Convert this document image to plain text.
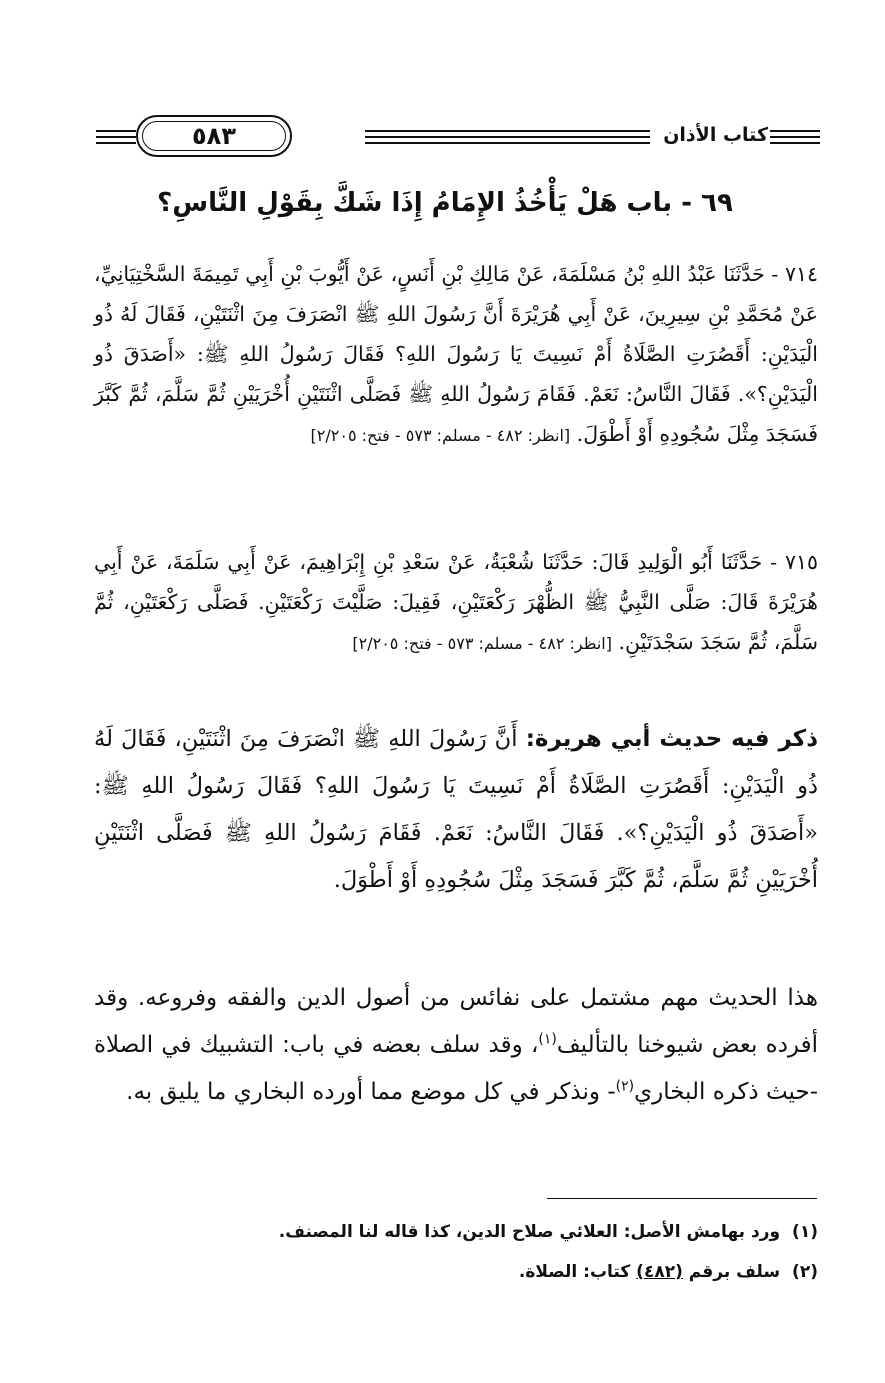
كتاب الأذان
٥٨٣
٦٩ - باب هَلْ يَأْخُذُ الإِمَامُ إِذَا شَكَّ بِقَوْلِ النَّاسِ؟
٧١٤ - حَدَّثَنَا عَبْدُ اللهِ بْنُ مَسْلَمَةَ، عَنْ مَالِكِ بْنِ أَنَسٍ، عَنْ أَيُّوبَ بْنِ أَبِي تَمِيمَةَ السَّخْتِيَانِيِّ، عَنْ مُحَمَّدِ بْنِ سِيرِينَ، عَنْ أَبِي هُرَيْرَةَ أَنَّ رَسُولَ اللهِ ﷺ انْصَرَفَ مِنَ اثْنَتَيْنِ، فَقَالَ لَهُ ذُو الْيَدَيْنِ: أَقَصُرَتِ الصَّلَاةُ أَمْ نَسِيتَ يَا رَسُولَ اللهِ؟ فَقَالَ رَسُولُ اللهِ ﷺ: «أَصَدَقَ ذُو الْيَدَيْنِ؟». فَقَالَ النَّاسُ: نَعَمْ. فَقَامَ رَسُولُ اللهِ ﷺ فَصَلَّى اثْنَتَيْنِ أُخْرَيَيْنِ ثُمَّ سَلَّمَ، ثُمَّ كَبَّرَ فَسَجَدَ مِثْلَ سُجُودِهِ أَوْ أَطْوَلَ. [انظر: ٤٨٢ - مسلم: ٥٧٣ - فتح: ٢/٢٠٥]
٧١٥ - حَدَّثَنَا أَبُو الْوَلِيدِ قَالَ: حَدَّثَنَا شُعْبَةُ، عَنْ سَعْدِ بْنِ إِبْرَاهِيمَ، عَنْ أَبِي سَلَمَةَ، عَنْ أَبِي هُرَيْرَةَ قَالَ: صَلَّى النَّبِيُّ ﷺ الظُّهْرَ رَكْعَتَيْنِ، فَقِيلَ: صَلَّيْتَ رَكْعَتَيْنِ. فَصَلَّى رَكْعَتَيْنِ، ثُمَّ سَلَّمَ، ثُمَّ سَجَدَ سَجْدَتَيْنِ. [انظر: ٤٨٢ - مسلم: ٥٧٣ - فتح: ٢/٢٠٥]
ذكر فيه حديث أبي هريرة: أَنَّ رَسُولَ اللهِ ﷺ انْصَرَفَ مِنَ اثْنَتَيْنِ، فَقَالَ لَهُ ذُو الْيَدَيْنِ: أَقَصُرَتِ الصَّلَاةُ أَمْ نَسِيتَ يَا رَسُولَ اللهِ؟ فَقَالَ رَسُولُ اللهِ ﷺ: «أَصَدَقَ ذُو الْيَدَيْنِ؟». فَقَالَ النَّاسُ: نَعَمْ. فَقَامَ رَسُولُ اللهِ ﷺ فَصَلَّى اثْنَتَيْنِ أُخْرَيَيْنِ ثُمَّ سَلَّمَ، ثُمَّ كَبَّرَ فَسَجَدَ مِثْلَ سُجُودِهِ أَوْ أَطْوَلَ.
هذا الحديث مهم مشتمل على نفائس من أصول الدين والفقه وفروعه. وقد أفرده بعض شيوخنا بالتأليف$^{(١)}$، وقد سلف بعضه في باب: التشبيك في الصلاة -حيث ذكره البخاري$^{(٢)}$- ونذكر في كل موضع مما أورده البخاري ما يليق به.
(١)ورد بهامش الأصل: العلائي صلاح الدين، كذا قاله لنا المصنف.
(٢)سلف برقم (٤٨٢) كتاب: الصلاة.
